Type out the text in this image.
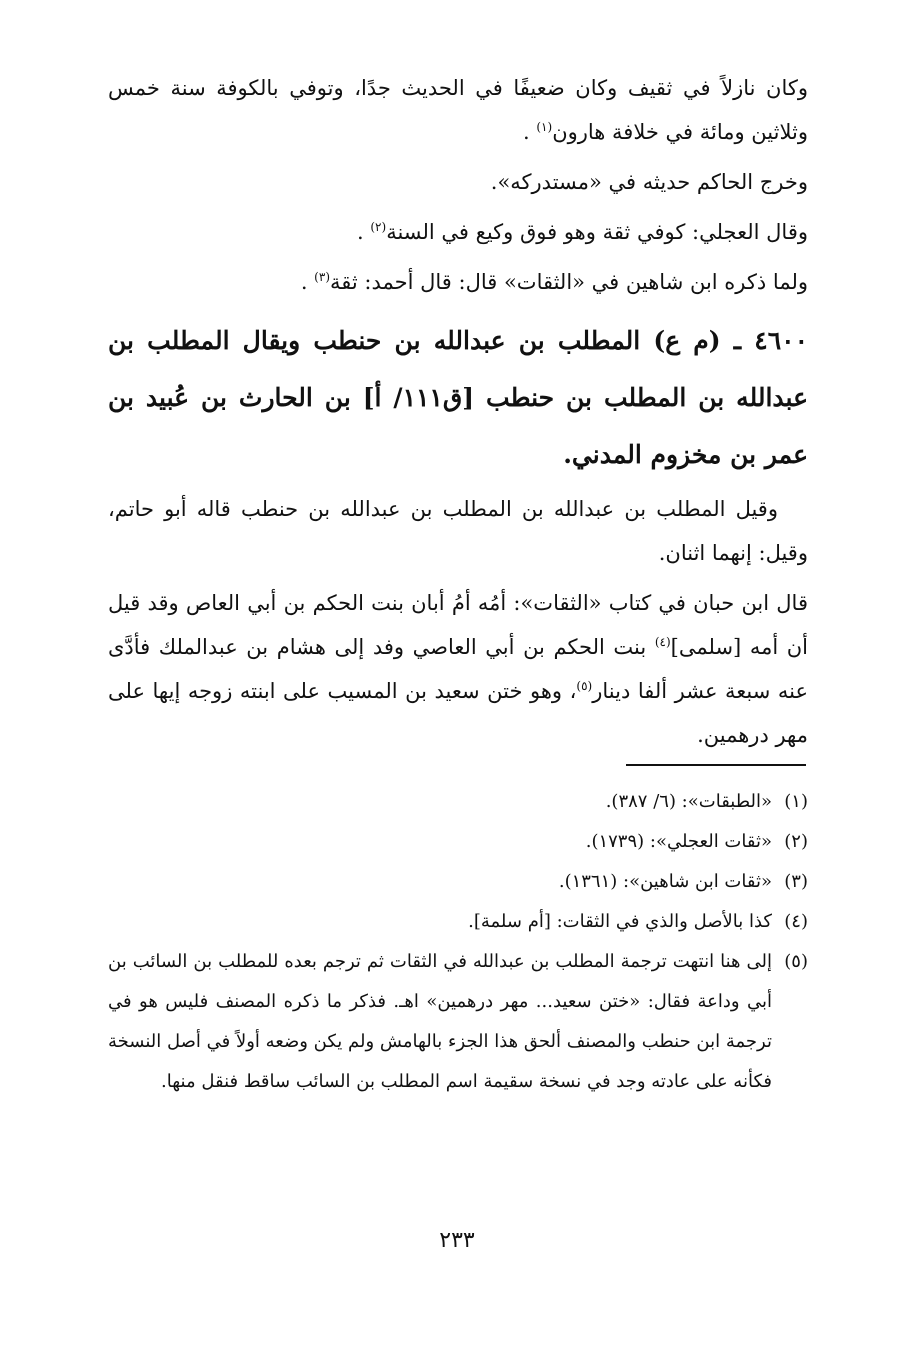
وكان نازلاً في ثقيف وكان ضعيفًا في الحديث جدًا، وتوفي بالكوفة سنة خمس وثلاثين ومائة في خلافة هارون$^{(١)}$ .

وخرج الحاكم حديثه في «مستدركه».

وقال العجلي: كوفي ثقة وهو فوق وكيع في السنة$^{(٢)}$ .

ولما ذكره ابن شاهين في «الثقات» قال: قال أحمد: ثقة$^{(٣)}$ .

٤٦٠٠ ـ (م ع) المطلب بن عبدالله بن حنطب ويقال المطلب بن عبدالله بن المطلب بن حنطب [ق١١١/ أ] بن الحارث بن عُبيد بن عمر بن مخزوم المدني.

وقيل المطلب بن عبدالله بن المطلب بن عبدالله بن حنطب قاله أبو حاتم، وقيل: إنهما اثنان.

قال ابن حبان في كتاب «الثقات»: أمُه أمُ أبان بنت الحكم بن أبي العاص وقد قيل أن أمه [سلمى]$^{(٤)}$ بنت الحكم بن أبي العاصي وفد إلى هشام بن عبدالملك فأدَّى عنه سبعة عشر ألفا دينار$^{(٥)}$، وهو ختن سعيد بن المسيب على ابنته زوجه إيها على مهر درهمين.

(١)
«الطبقات»: (٦/ ٣٨٧).
(٢)
«ثقات العجلي»: (١٧٣٩).
(٣)
«ثقات ابن شاهين»: (١٣٦١).
(٤)
كذا بالأصل والذي في الثقات: [أم سلمة].
(٥)
إلى هنا انتهت ترجمة المطلب بن عبدالله في الثقات ثم ترجم بعده للمطلب بن السائب بن أبي وداعة فقال: «ختن سعيد... مهر درهمين» اهـ. فذكر ما ذكره المصنف فليس هو في ترجمة ابن حنطب والمصنف ألحق هذا الجزء بالهامش ولم يكن وضعه أولاً في أصل النسخة فكأنه على عادته وجد في نسخة سقيمة اسم المطلب بن السائب ساقط فنقل منها.
٢٣٣
